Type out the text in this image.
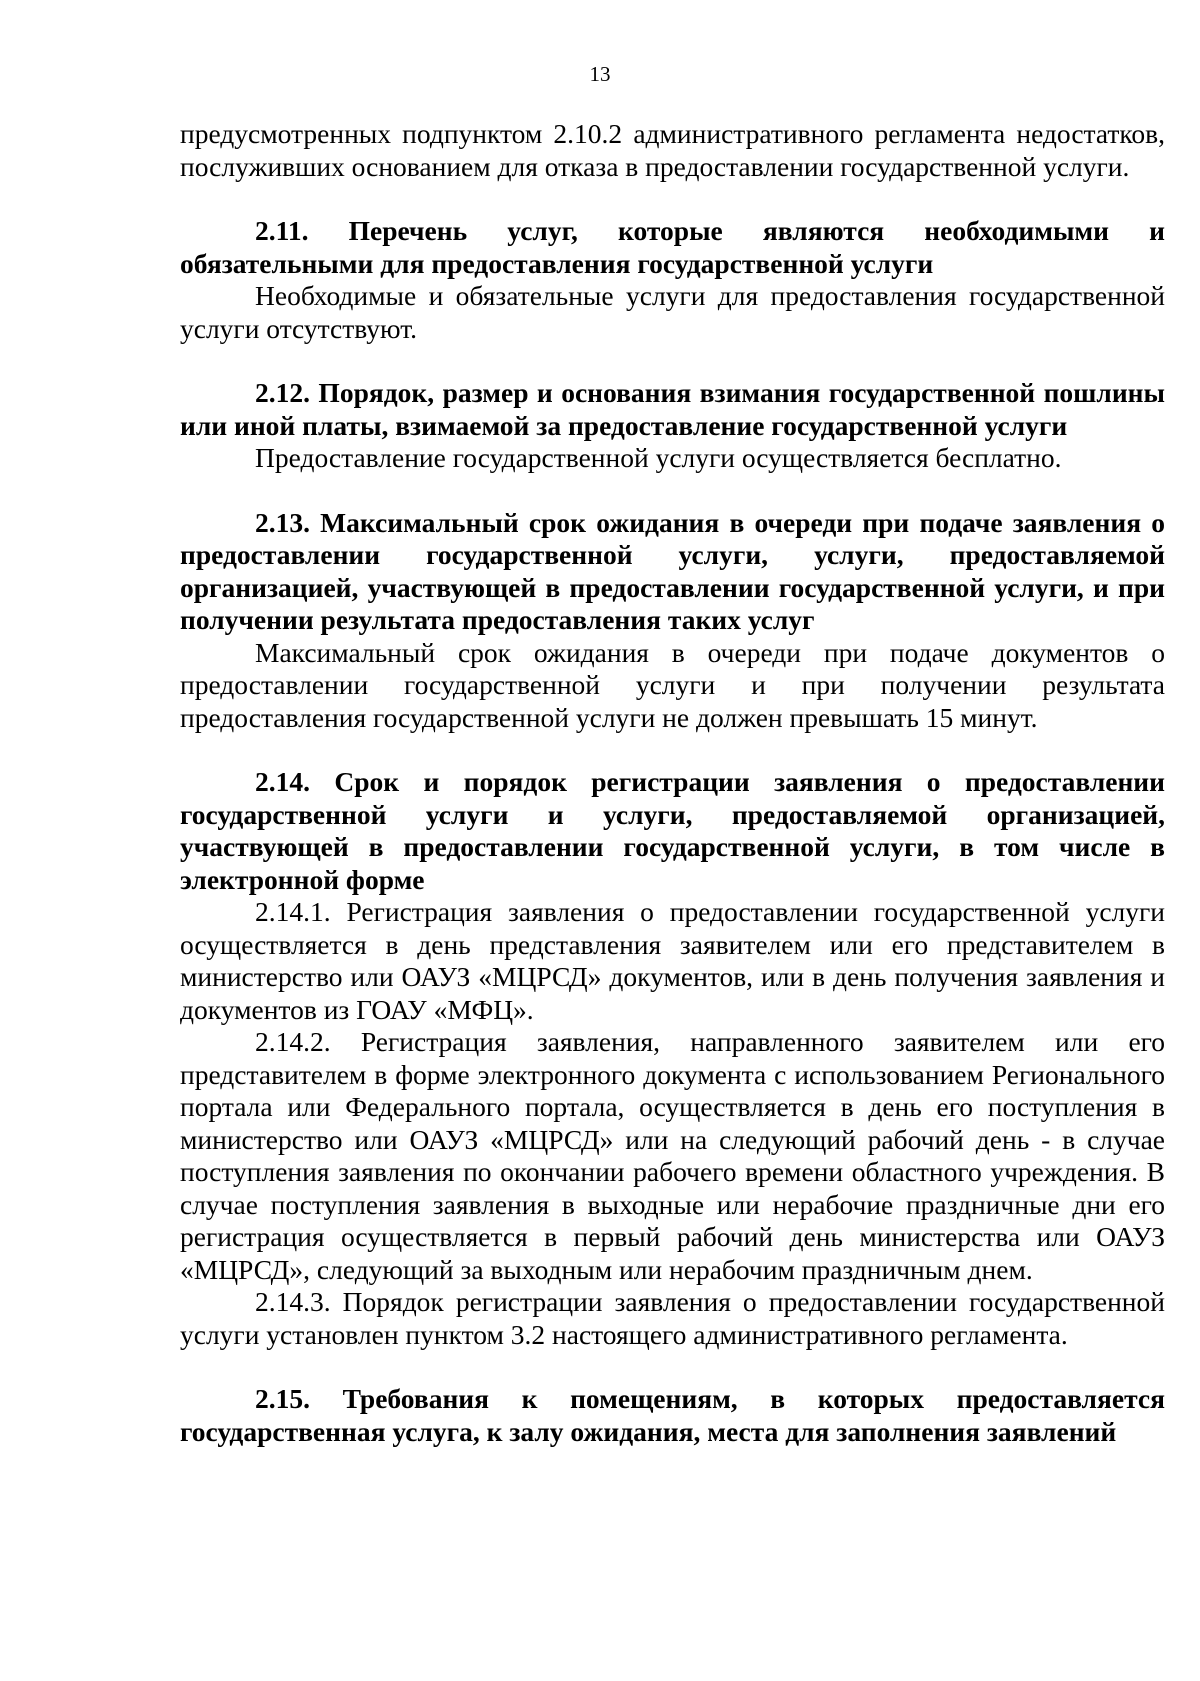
13

предусмотренных подпунктом 2.10.2 административного регламента недостатков, послуживших основанием для отказа в предоставлении государственной услуги.

2.11. Перечень услуг, которые являются необходимыми и обязательными для предоставления государственной услуги

Необходимые и обязательные услуги для предоставления государственной услуги отсутствуют.

2.12. Порядок, размер и основания взимания государственной пошлины или иной платы, взимаемой за предоставление государственной услуги

Предоставление государственной услуги осуществляется бесплатно.

2.13. Максимальный срок ожидания в очереди при подаче заявления о предоставлении государственной услуги, услуги, предоставляемой организацией, участвующей в предоставлении государственной услуги, и при получении результата предоставления таких услуг

Максимальный срок ожидания в очереди при подаче документов о предоставлении государственной услуги и при получении результата предоставления государственной услуги не должен превышать 15 минут.

2.14. Срок и порядок регистрации заявления о предоставлении государственной услуги и услуги, предоставляемой организацией, участвующей в предоставлении государственной услуги, в том числе в электронной форме

2.14.1. Регистрация заявления о предоставлении государственной услуги осуществляется в день представления заявителем или его представителем в министерство или ОАУЗ «МЦРСД» документов, или в день получения заявления и документов из ГОАУ «МФЦ».

2.14.2. Регистрация заявления, направленного заявителем или его представителем в форме электронного документа с использованием Регионального портала или Федерального портала, осуществляется в день его поступления в министерство или ОАУЗ «МЦРСД» или на следующий рабочий день - в случае поступления заявления по окончании рабочего времени областного учреждения. В случае поступления заявления в выходные или нерабочие праздничные дни его регистрация осуществляется в первый рабочий день министерства или ОАУЗ «МЦРСД», следующий за выходным или нерабочим праздничным днем.

2.14.3. Порядок регистрации заявления о предоставлении государственной услуги установлен пунктом 3.2 настоящего административного регламента.

2.15. Требования к помещениям, в которых предоставляется государственная услуга, к залу ожидания, места для заполнения заявлений
